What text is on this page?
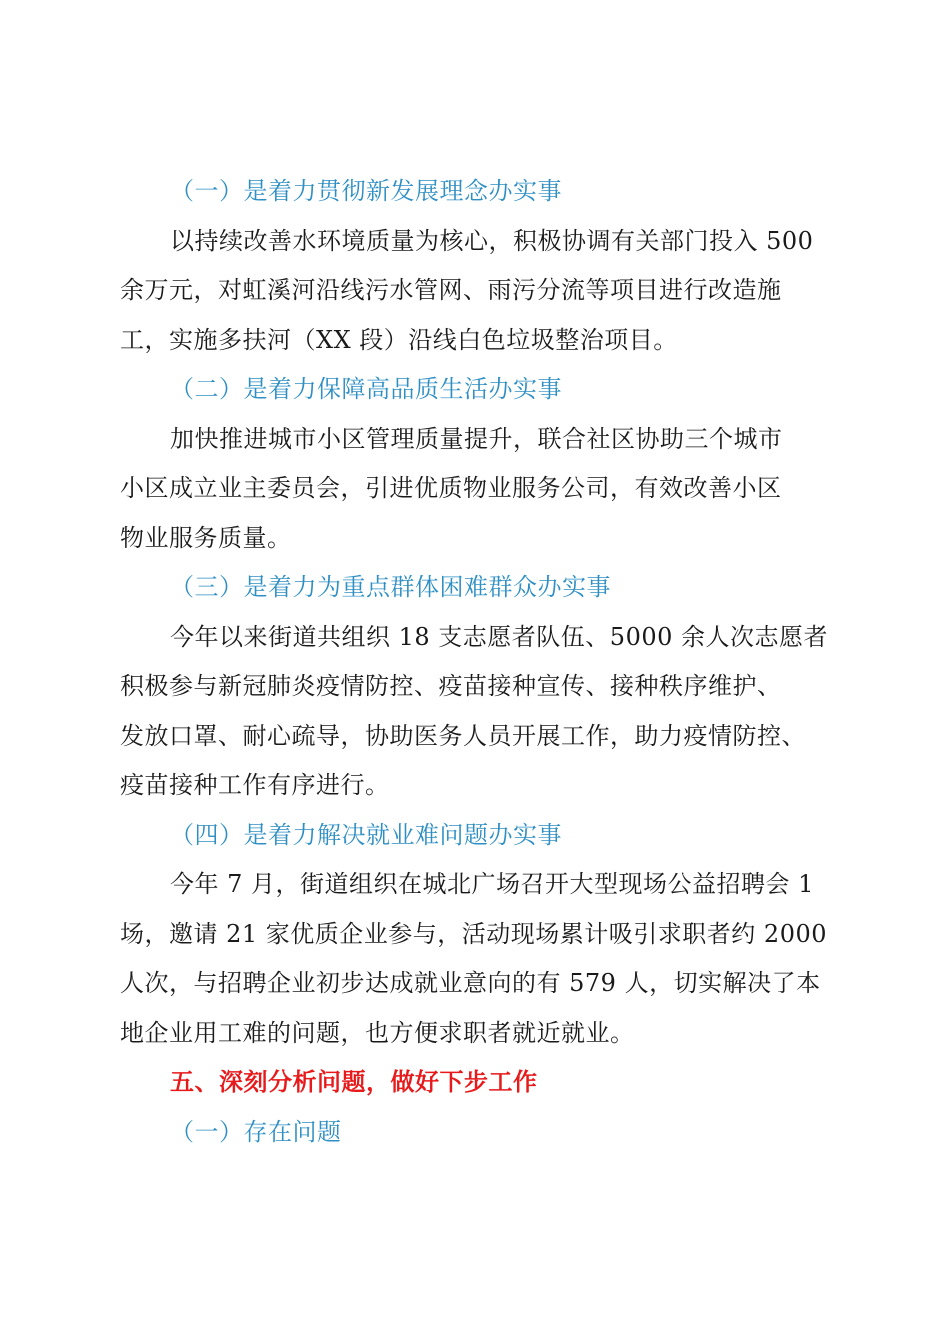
（一）是着力贯彻新发展理念办实事

以持续改善水环境质量为核心，积极协调有关部门投入 500

余万元，对虹溪河沿线污水管网、雨污分流等项目进行改造施

工，实施多扶河（XX 段）沿线白色垃圾整治项目。

（二）是着力保障高品质生活办实事

加快推进城市小区管理质量提升，联合社区协助三个城市

小区成立业主委员会，引进优质物业服务公司，有效改善小区

物业服务质量。

（三）是着力为重点群体困难群众办实事

今年以来街道共组织 18 支志愿者队伍、5000 余人次志愿者

积极参与新冠肺炎疫情防控、疫苗接种宣传、接种秩序维护、

发放口罩、耐心疏导，协助医务人员开展工作，助力疫情防控、

疫苗接种工作有序进行。

（四）是着力解决就业难问题办实事

今年 7 月，街道组织在城北广场召开大型现场公益招聘会 1

场，邀请 21 家优质企业参与，活动现场累计吸引求职者约 2000

人次，与招聘企业初步达成就业意向的有 579 人，切实解决了本

地企业用工难的问题，也方便求职者就近就业。

五、深刻分析问题，做好下步工作

（一）存在问题
